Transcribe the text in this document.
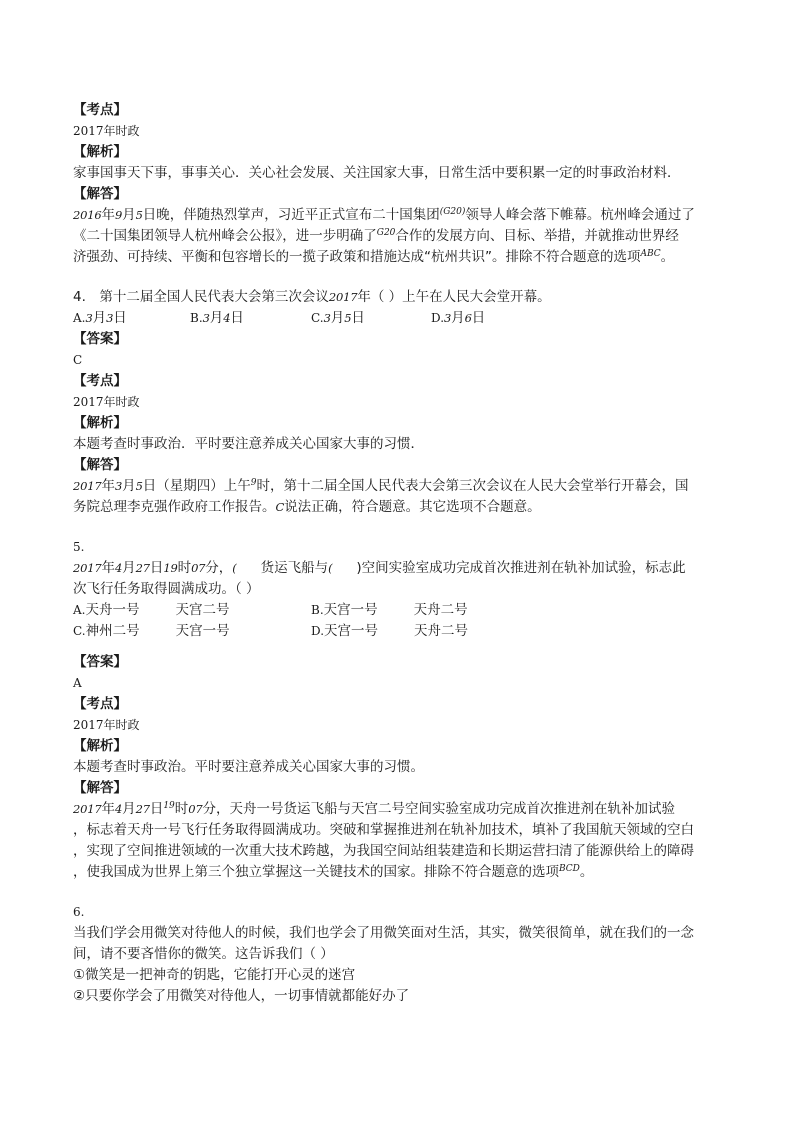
【考点】
2017年时政
【解析】
家事国事天下事，事事关心．关心社会发展、关注国家大事，日常生活中要积累一定的时事政治材料．
【解答】
2016年9月5日晚，伴随热烈掌声，习近平正式宣布二十国集团$^{(G20)}$领导人峰会落下帷幕。杭州峰会通过了
《二十国集团领导人杭州峰会公报》，进一步明确了$^{G20}$合作的发展方向、目标、举措，并就推动世界经
济强劲、可持续、平衡和包容增长的一揽子政策和措施达成“杭州共识”。排除不符合题意的选项$^{ABC}$。
4.　第十二届全国人民代表大会第三次会议2017年（ ）上午在人民大会堂开幕。
A.3月3日	B.3月4日	C.3月5日	D.3月6日
【答案】
C
【考点】
2017年时政
【解析】
本题考查时事政治．平时要注意养成关心国家大事的习惯．
【解答】
2017年3月5日（星期四）上午$^9$时，第十二届全国人民代表大会第三次会议在人民大会堂举行开幕会，国
务院总理李克强作政府工作报告。C说法正确，符合题意。其它选项不合题意。
5.
2017年4月27日19时07分，( 货运飞船与( )空间实验室成功完成首次推进剂在轨补加试验，标志此
次飞行任务取得圆满成功。（ ）
A.天舟一号	天宫二号	B.天宫一号	天舟二号
C.神州二号	天宫一号	D.天宫一号	天舟二号
【答案】
A
【考点】
2017年时政
【解析】
本题考查时事政治。平时要注意养成关心国家大事的习惯。
【解答】
2017年4月27日$^{19}$时07分，天舟一号货运飞船与天宫二号空间实验室成功完成首次推进剂在轨补加试验
，标志着天舟一号飞行任务取得圆满成功。突破和掌握推进剂在轨补加技术，填补了我国航天领域的空白
，实现了空间推进领域的一次重大技术跨越，为我国空间站组装建造和长期运营扫清了能源供给上的障碍
，使我国成为世界上第三个独立掌握这一关键技术的国家。排除不符合题意的选项$^{BCD}$。
6.
当我们学会用微笑对待他人的时候，我们也学会了用微笑面对生活，其实，微笑很简单，就在我们的一念
间，请不要吝惜你的微笑。这告诉我们（ ）
①微笑是一把神奇的钥匙，它能打开心灵的迷宫
②只要你学会了用微笑对待他人，一切事情就都能好办了
